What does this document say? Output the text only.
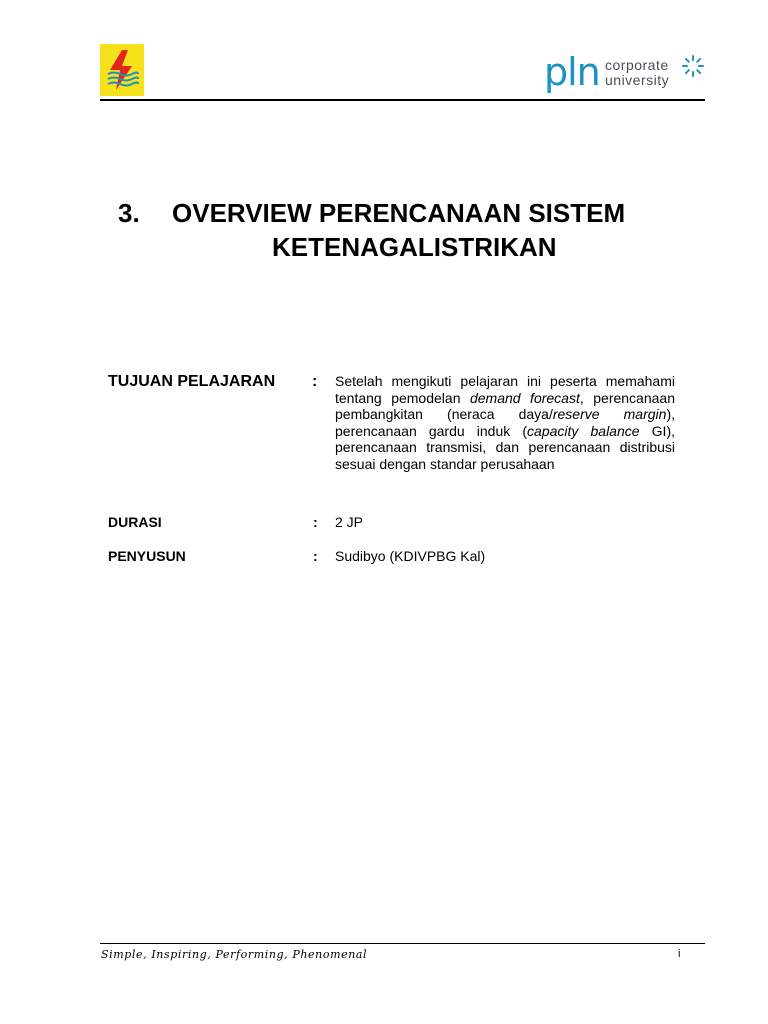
pln corporate
university
3. OVERVIEW PERENCANAAN SISTEM
KETENAGALISTRIKAN
TUJUAN PELAJARAN : Setelah mengikuti pelajaran ini peserta memahami tentang pemodelan demand forecast, perencanaan pembangkitan (neraca daya/reserve margin), perencanaan gardu induk (capacity balance GI), perencanaan transmisi, dan perencanaan distribusi sesuai dengan standar perusahaan
DURASI	: 2 JP
PENYUSUN	: Sudibyo (KDIVPBG Kal)
Simple, Inspiring, Performing, Phenomenal	i
